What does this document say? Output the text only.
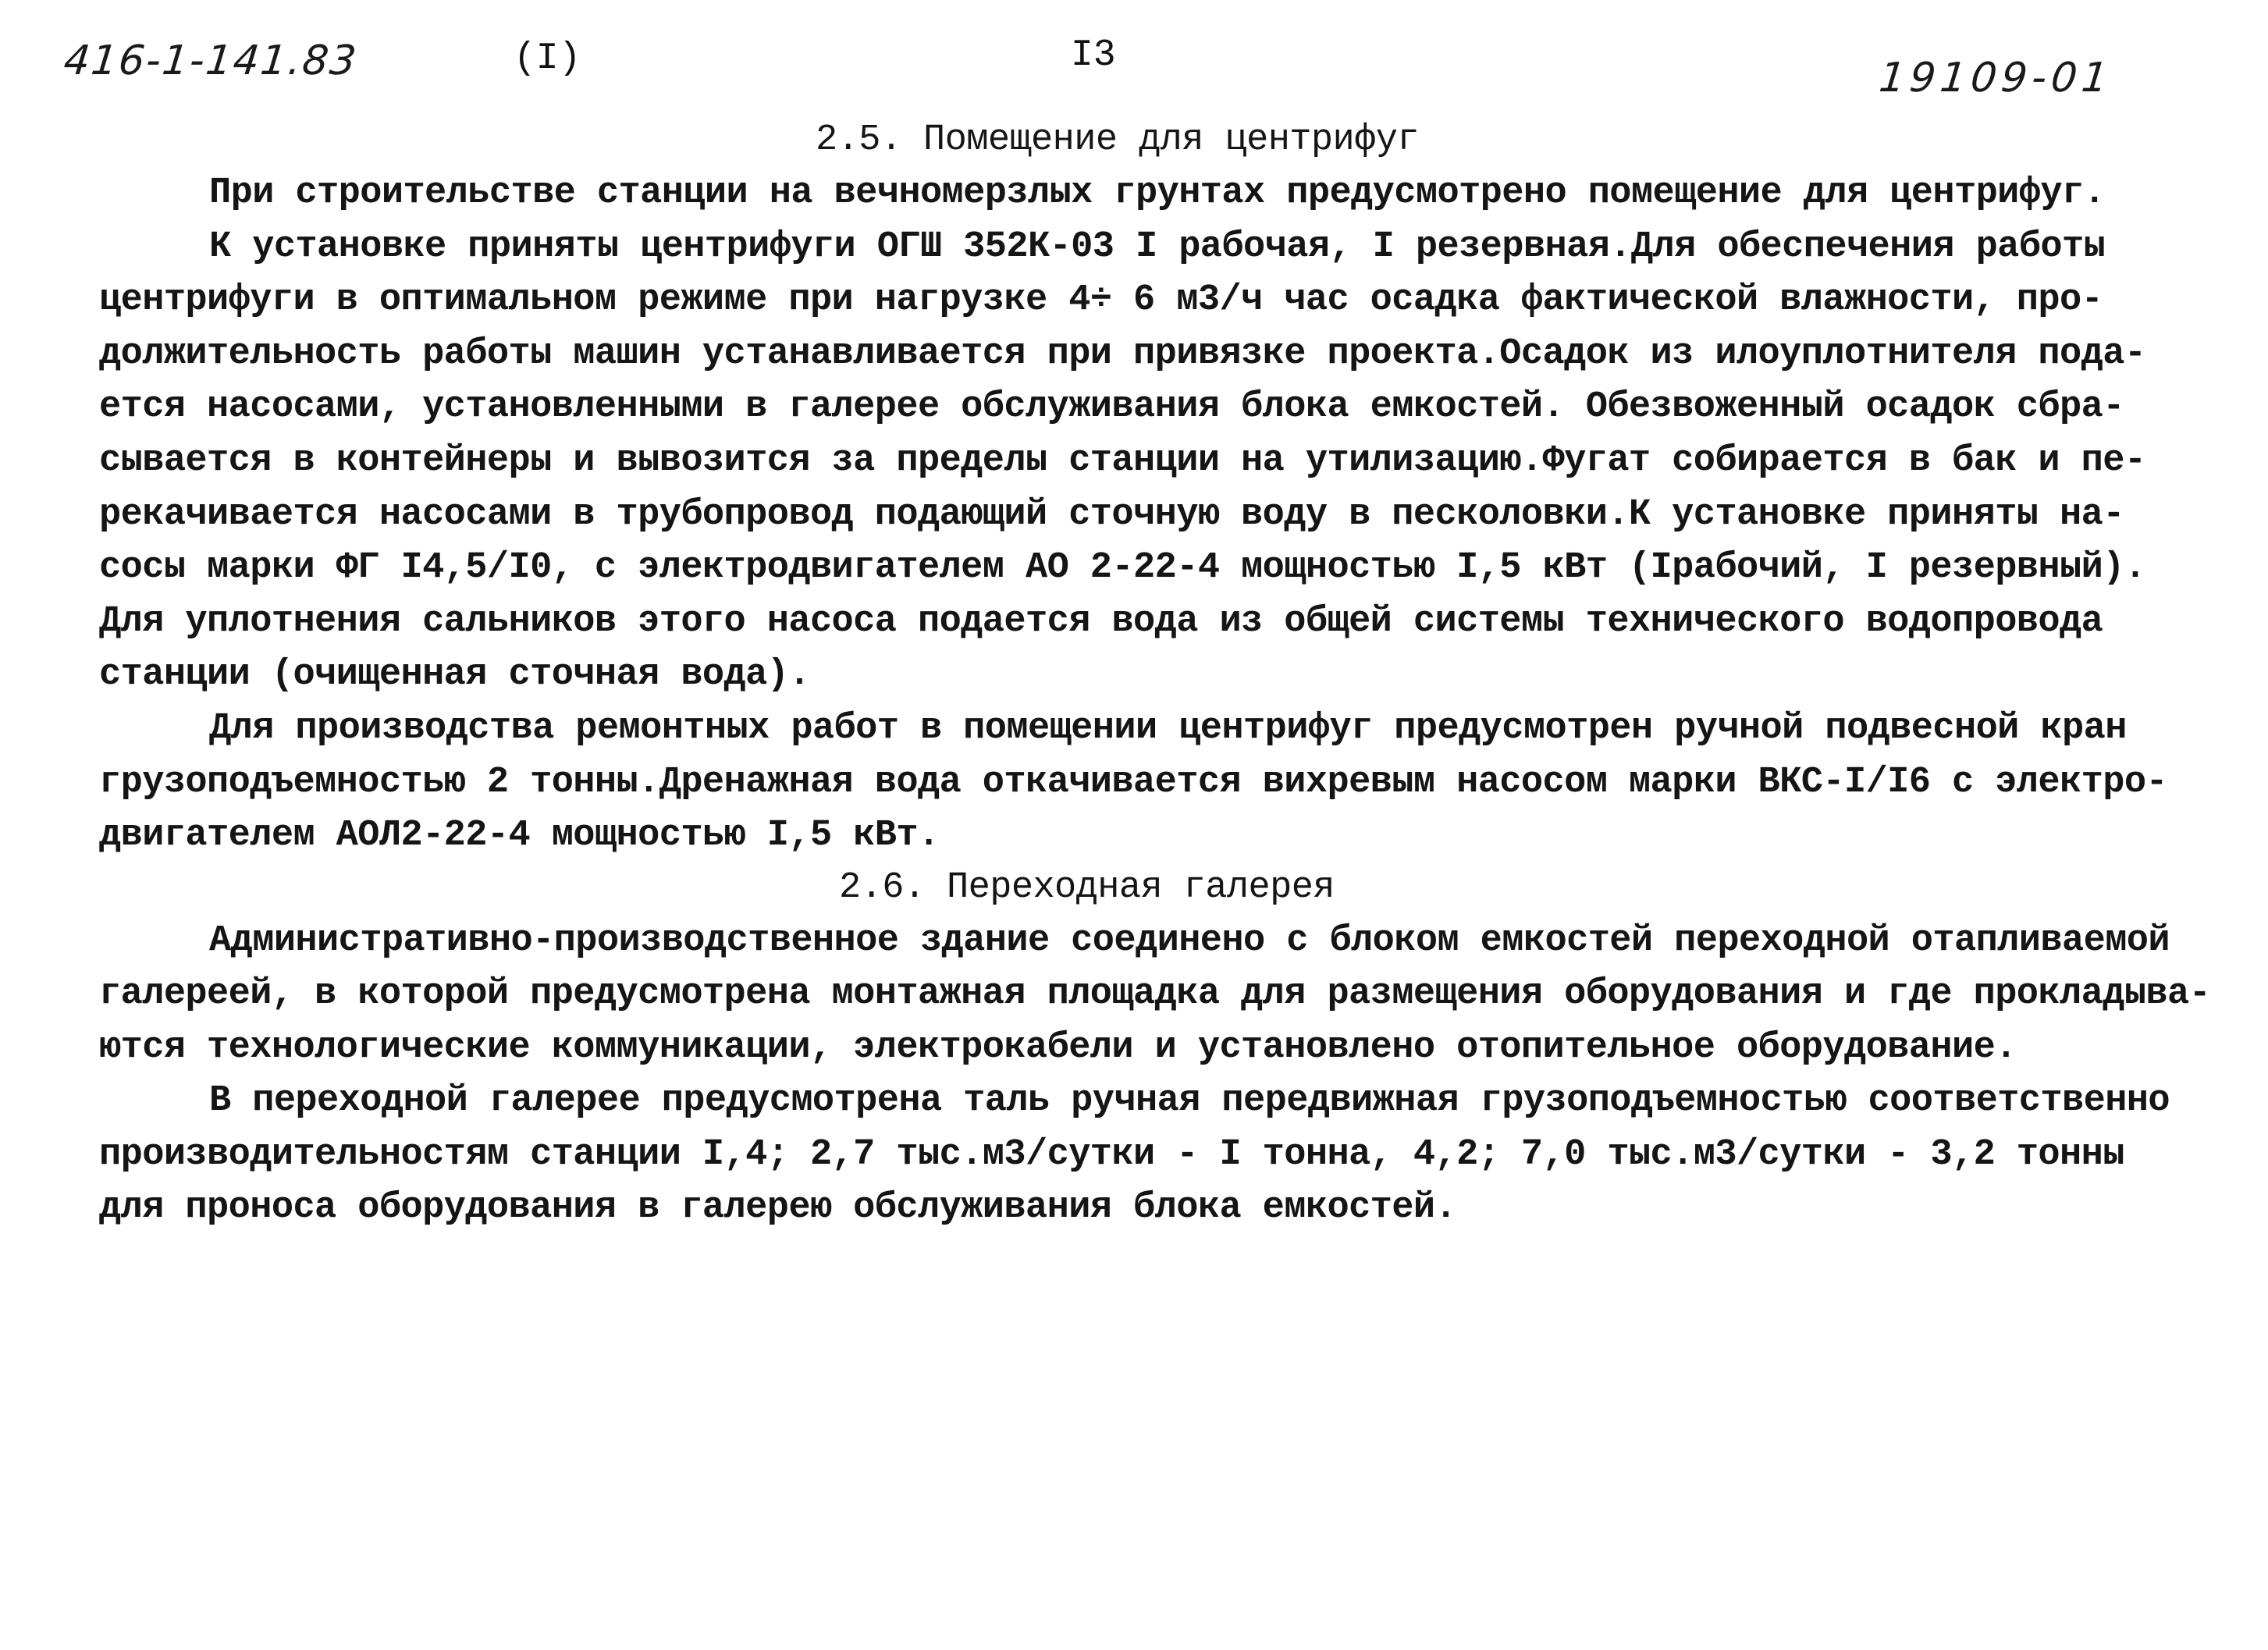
416-1-141.83	(I)	I3	19109-01
2.5. Помещение для центрифуг
При строительстве станции на вечномерзлых грунтах предусмотрено помещение для центрифуг.
К установке приняты центрифуги ОГШ 352К-03 I рабочая, I резервная.Для обеспечения работы
центрифуги в оптимальном режиме при нагрузке 4÷ 6 м3/ч час осадка фактической влажности, про-
должительность работы машин устанавливается при привязке проекта.Осадок из илоуплотнителя пода-
ется насосами, установленными в галерее обслуживания блока емкостей. Обезвоженный осадок сбра-
сывается в контейнеры и вывозится за пределы станции на утилизацию.Фугат собирается в бак и пе-
рекачивается насосами в трубопровод подающий сточную воду в песколовки.К установке приняты на-
сосы марки ФГ I4,5/I0, с электродвигателем АО 2-22-4 мощностью I,5 кВт (Iрабочий, I резервный).
Для уплотнения сальников этого насоса подается вода из общей системы технического водопровода
станции (очищенная сточная вода).
Для производства ремонтных работ в помещении центрифуг предусмотрен ручной подвесной кран
грузоподъемностью 2 тонны.Дренажная вода откачивается вихревым насосом марки ВКС-I/I6 с электро-
двигателем АОЛ2-22-4 мощностью I,5 кВт.
2.6. Переходная галерея
Административно-производственное здание соединено с блоком емкостей переходной отапливаемой
галереей, в которой предусмотрена монтажная площадка для размещения оборудования и где прокладыва-
ются технологические коммуникации, электрокабели и установлено отопительное оборудование.
В переходной галерее предусмотрена таль ручная передвижная грузоподъемностью соответственно
производительностям станции I,4; 2,7 тыс.м3/сутки - I тонна, 4,2; 7,0 тыс.м3/сутки - 3,2 тонны
для проноса оборудования в галерею обслуживания блока емкостей.
